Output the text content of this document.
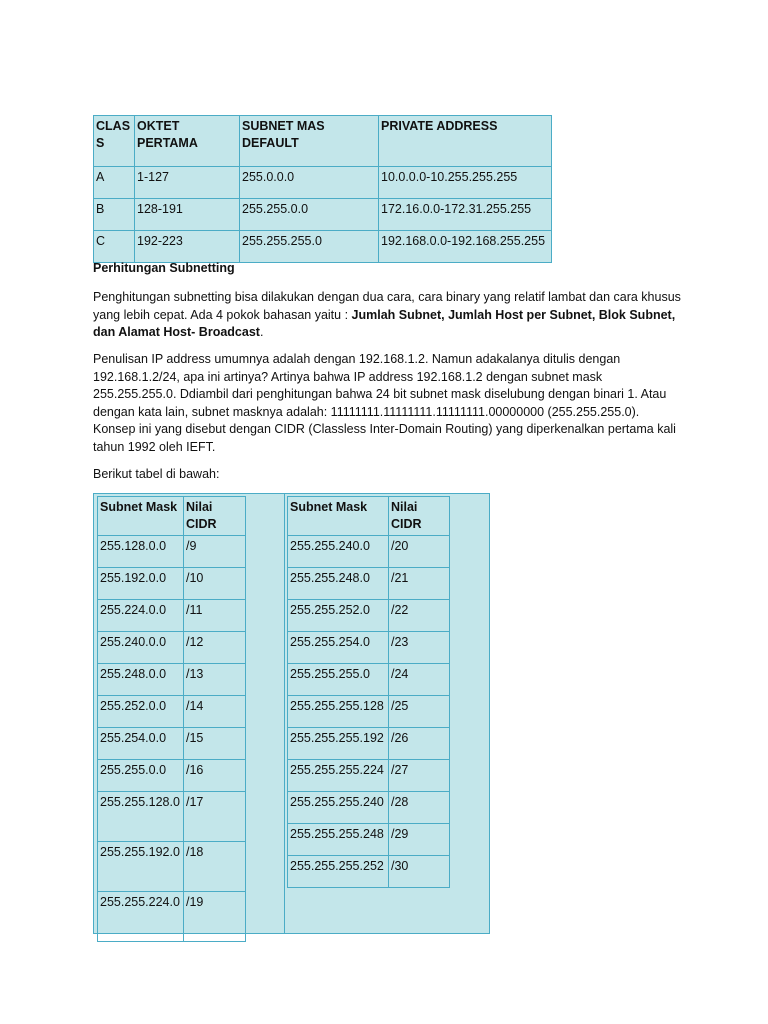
CLAS S	OKTET PERTAMA	SUBNET MAS DEFAULT	PRIVATE ADDRESS
A	1-127	255.0.0.0	10.0.0.0-10.255.255.255
B	128-191	255.255.0.0	172.16.0.0-172.31.255.255
C	192-223	255.255.255.0	192.168.0.0-192.168.255.255
Perhitungan Subnetting

Penghitungan subnetting bisa dilakukan dengan dua cara, cara binary yang relatif lambat dan cara khusus yang lebih cepat. Ada 4 pokok bahasan yaitu : Jumlah Subnet, Jumlah Host per Subnet, Blok Subnet, dan Alamat Host- Broadcast.

Penulisan IP address umumnya adalah dengan 192.168.1.2. Namun adakalanya ditulis dengan 192.168.1.2/24, apa ini artinya? Artinya bahwa IP address 192.168.1.2 dengan subnet mask 255.255.255.0. Ddiambil dari penghitungan bahwa 24 bit subnet mask diselubung dengan binari 1. Atau dengan kata lain, subnet masknya adalah: 11111111.11111111.11111111.00000000 (255.255.255.0). Konsep ini yang disebut dengan CIDR (Classless Inter-Domain Routing) yang diperkenalkan pertama kali tahun 1992 oleh IEFT.

Berikut tabel di bawah:

Subnet Mask	Nilai CIDR
255.128.0.0	/9
255.192.0.0	/10
255.224.0.0	/11
255.240.0.0	/12
255.248.0.0	/13
255.252.0.0	/14
255.254.0.0	/15
255.255.0.0	/16
255.255.128.0	/17
255.255.192.0	/18
255.255.224.0	/19
Subnet Mask	Nilai CIDR
255.255.240.0	/20
255.255.248.0	/21
255.255.252.0	/22
255.255.254.0	/23
255.255.255.0	/24
255.255.255.128	/25
255.255.255.192	/26
255.255.255.224	/27
255.255.255.240	/28
255.255.255.248	/29
255.255.255.252	/30
